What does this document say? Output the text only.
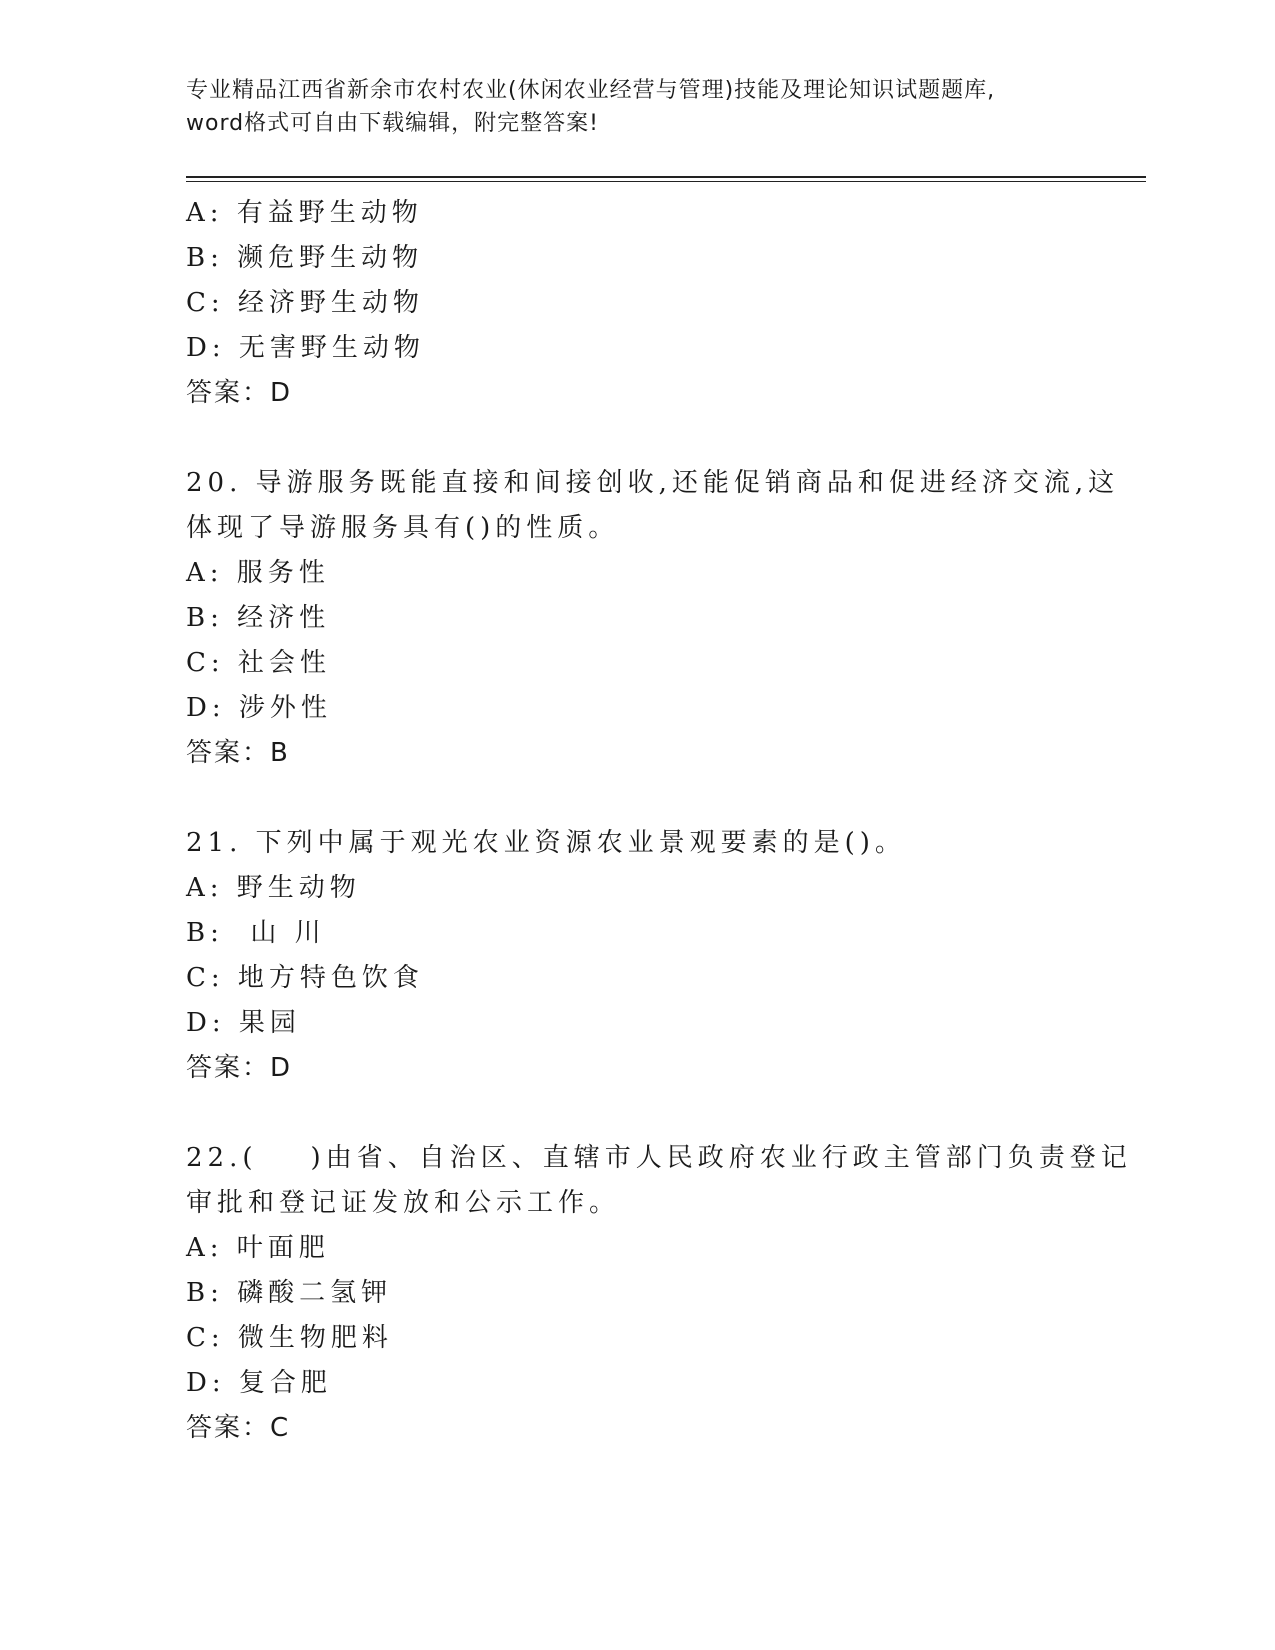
专业精品江西省新余市农村农业(休闲农业经营与管理)技能及理论知识试题题库,
word格式可自由下载编辑，附完整答案!
A: 有益野生动物
B: 濒危野生动物
C: 经济野生动物
D: 无害野生动物
答案：D
20. 导游服务既能直接和间接创收,还能促销商品和促进经济交流,这
体现了导游服务具有()的性质。
A: 服务性
B: 经济性
C: 社会性
D: 涉外性
答案：B
21. 下列中属于观光农业资源农业景观要素的是()。
A: 野生动物
B:  山 川
C: 地方特色饮食
D: 果园
答案：D
22.(    )由省、自治区、直辖市人民政府农业行政主管部门负责登记
审批和登记证发放和公示工作。
A: 叶面肥
B: 磷酸二氢钾
C: 微生物肥料
D: 复合肥
答案：C
